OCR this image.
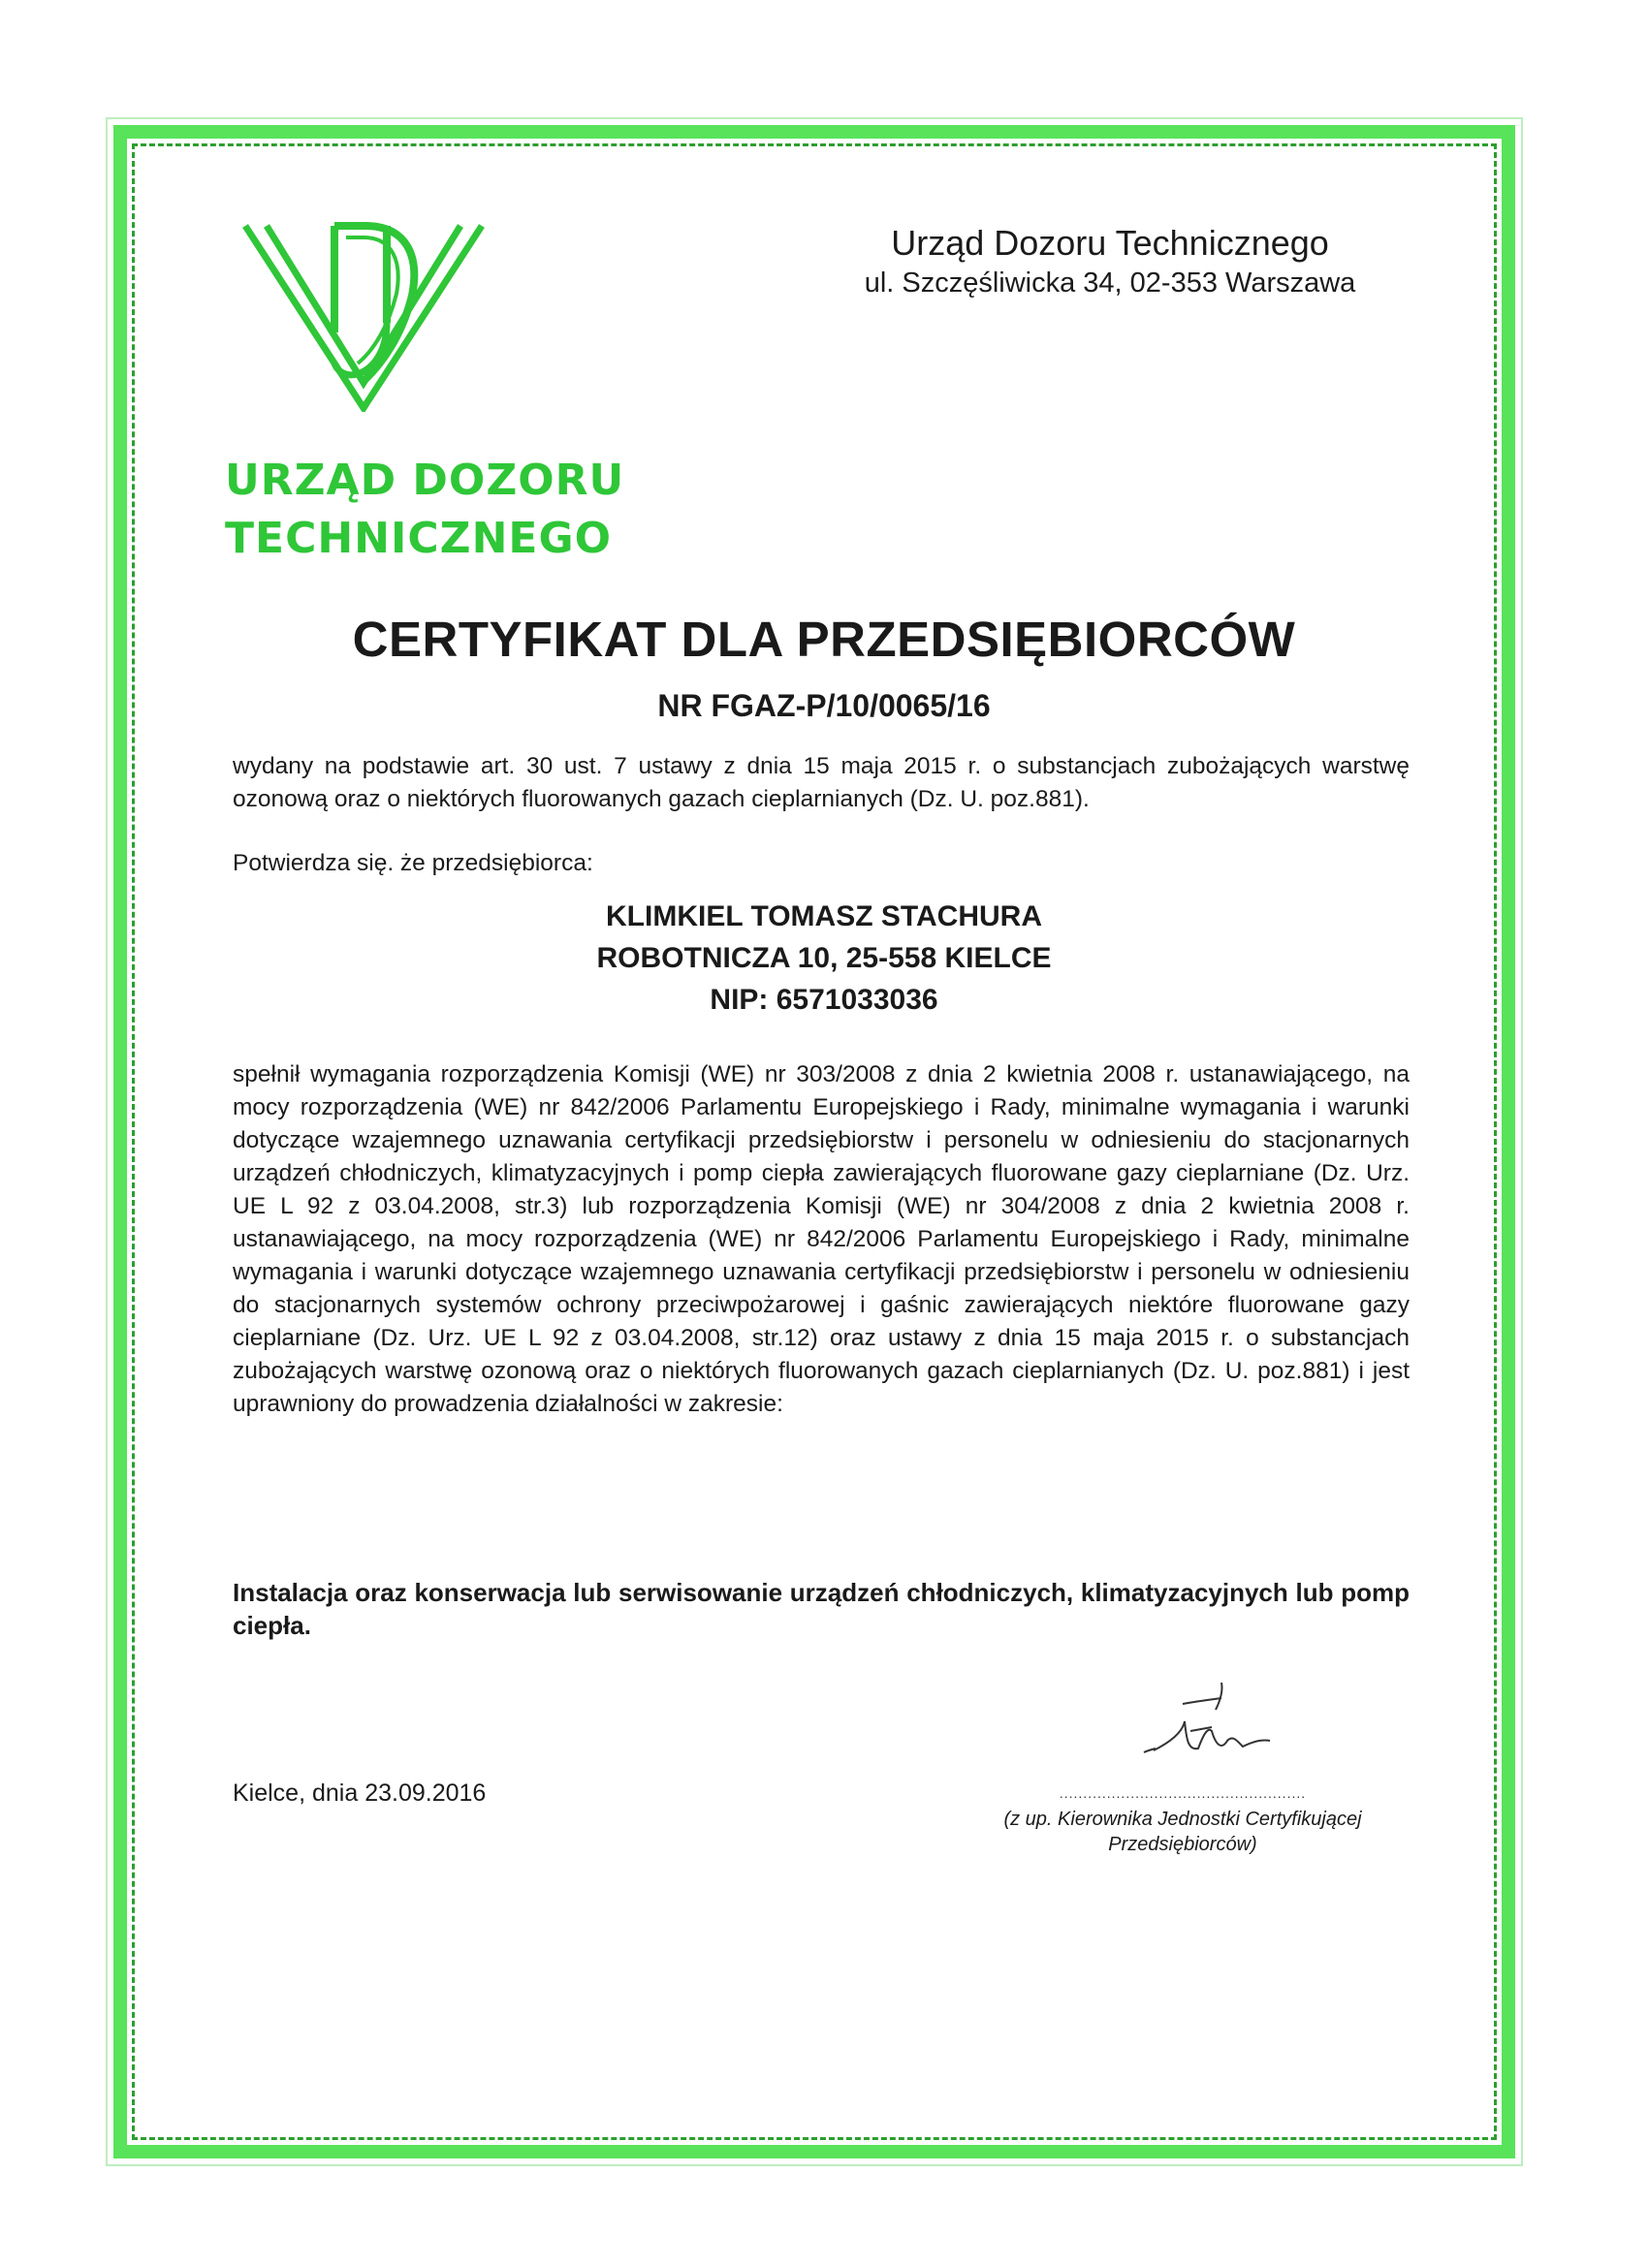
URZĄD DOZORU
TECHNICZNEGO
Urząd Dozoru Technicznego
ul. Szczęśliwicka 34, 02-353 Warszawa
CERTYFIKAT DLA PRZEDSIĘBIORCÓW
NR FGAZ-P/10/0065/16
wydany na podstawie art. 30 ust. 7 ustawy z dnia 15 maja 2015 r. o substancjach zubożających warstwę ozonową oraz o niektórych fluorowanych gazach cieplarnianych (Dz. U. poz.881).
Potwierdza się. że przedsiębiorca:
KLIMKIEL TOMASZ STACHURA
ROBOTNICZA 10, 25-558 KIELCE
NIP: 6571033036
spełnił wymagania rozporządzenia Komisji (WE) nr 303/2008 z dnia 2 kwietnia 2008 r. ustanawiającego, na mocy rozporządzenia (WE) nr 842/2006 Parlamentu Europejskiego i Rady, minimalne wymagania i warunki dotyczące wzajemnego uznawania certyfikacji przedsiębiorstw i personelu w odniesieniu do stacjonarnych urządzeń chłodniczych, klimatyzacyjnych i pomp ciepła zawierających fluorowane gazy cieplarniane (Dz. Urz. UE L 92 z 03.04.2008, str.3) lub rozporządzenia Komisji (WE) nr 304/2008 z dnia 2 kwietnia 2008 r. ustanawiającego, na mocy rozporządzenia (WE) nr 842/2006 Parlamentu Europejskiego i Rady, minimalne wymagania i warunki dotyczące wzajemnego uznawania certyfikacji przedsiębiorstw i personelu w odniesieniu do stacjonarnych systemów ochrony przeciwpożarowej i gaśnic zawierających niektóre fluorowane gazy cieplarniane (Dz. Urz. UE L 92 z 03.04.2008, str.12) oraz ustawy z dnia 15 maja 2015 r. o substancjach zubożających warstwę ozonową oraz o niektórych fluorowanych gazach cieplarnianych (Dz. U. poz.881) i jest uprawniony do prowadzenia działalności w zakresie:
Instalacja oraz konserwacja lub serwisowanie urządzeń chłodniczych, klimatyzacyjnych lub pomp ciepła.
Kielce, dnia 23.09.2016	....................................................
(z up. Kierownika Jednostki Certyfikującej Przedsiębiorców)
